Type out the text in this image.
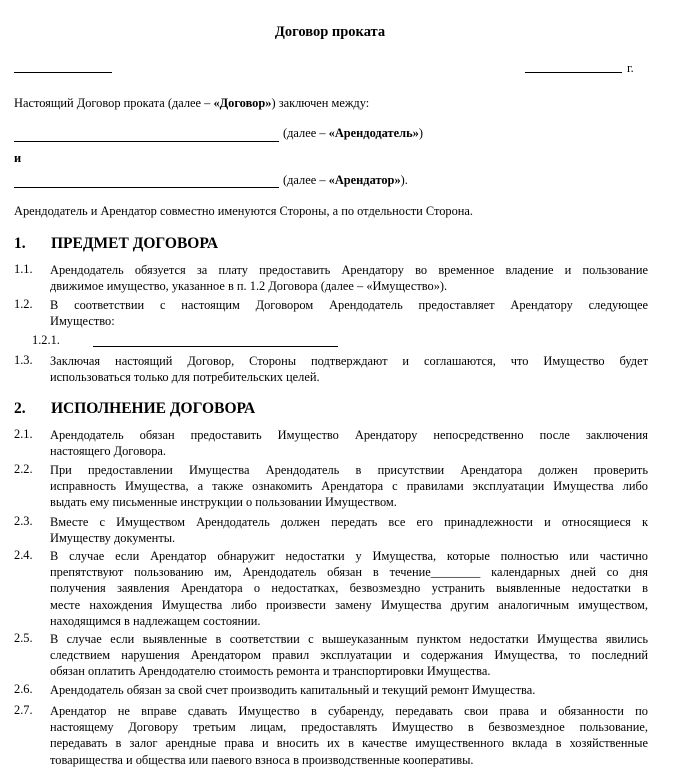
Договор проката
г.
Настоящий Договор проката (далее – «Договор») заключен между:
(далее – «Арендодатель»)
и
(далее – «Арендатор»).
Арендодатель и Арендатор совместно именуются Стороны, а по отдельности Сторона.
1. ПРЕДМЕТ ДОГОВОРА
1.1. Арендодатель обязуется за плату предоставить Арендатору во временное владение и пользование
движимое имущество, указанное в п. 1.2 Договора (далее – «Имущество»).
1.2. В соответствии с настоящим Договором Арендодатель предоставляет Арендатору следующее
Имущество:
1.2.1.
1.3. Заключая настоящий Договор, Стороны подтверждают и соглашаются, что Имущество будет
использоваться только для потребительских целей.
2. ИСПОЛНЕНИЕ ДОГОВОРА
2.1. Арендодатель обязан предоставить Имущество Арендатору непосредственно после заключения
настоящего Договора.
2.2. При предоставлении Имущества Арендодатель в присутствии Арендатора должен проверить
исправность Имущества, а также ознакомить Арендатора с правилами эксплуатации Имущества либо
выдать ему письменные инструкции о пользовании Имуществом.
2.3. Вместе с Имуществом Арендодатель должен передать все его принадлежности и относящиеся к
Имуществу документы.
2.4. В случае если Арендатор обнаружит недостатки у Имущества, которые полностью или частично
препятствуют пользованию им, Арендодатель обязан в течение________ календарных дней со дня
получения заявления Арендатора о недостатках, безвозмездно устранить выявленные недостатки в
месте нахождения Имущества либо произвести замену Имущества другим аналогичным имуществом,
находящимся в надлежащем состоянии.
2.5. В случае если выявленные в соответствии с вышеуказанным пунктом недостатки Имущества явились
следствием нарушения Арендатором правил эксплуатации и содержания Имущества, то последний
обязан оплатить Арендодателю стоимость ремонта и транспортировки Имущества.
2.6. Арендодатель обязан за свой счет производить капитальный и текущий ремонт Имущества.
2.7. Арендатор не вправе сдавать Имущество в субаренду, передавать свои права и обязанности по
настоящему Договору третьим лицам, предоставлять Имущество в безвозмездное пользование,
передавать в залог арендные права и вносить их в качестве имущественного вклада в хозяйственные
товарищества и общества или паевого взноса в производственные кооперативы.
